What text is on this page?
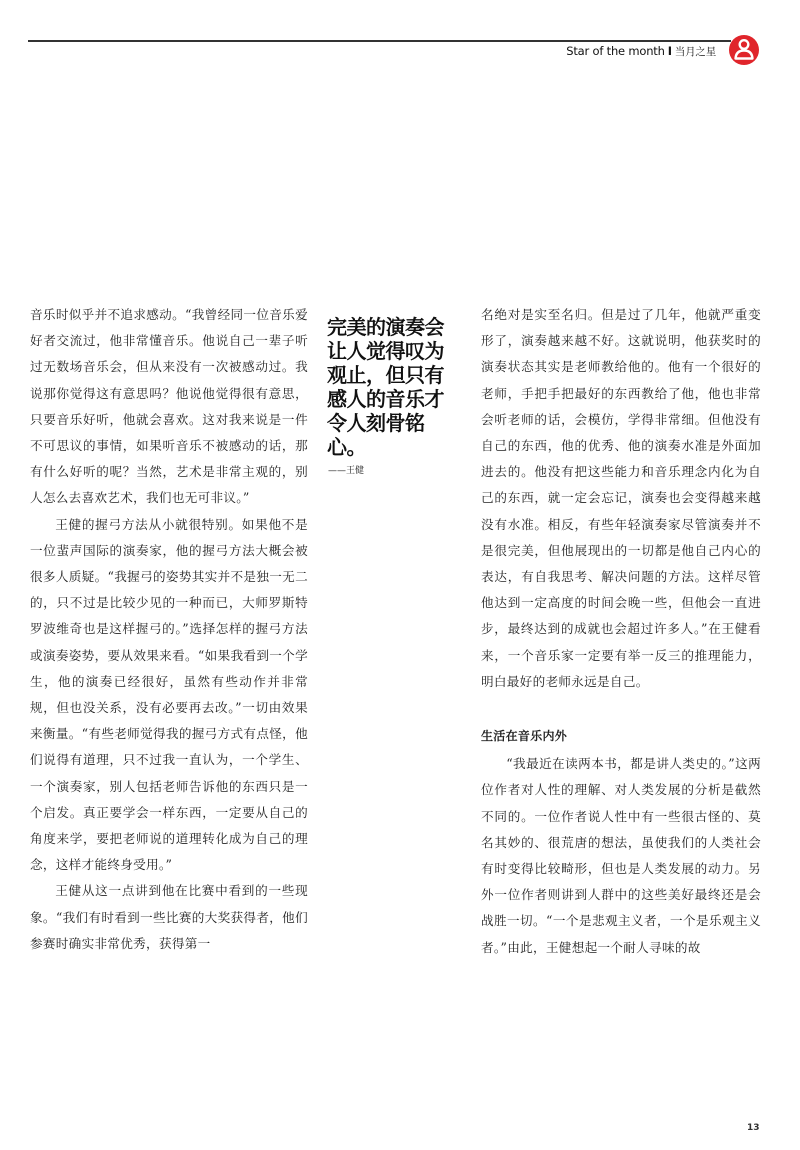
Star of the month I 当月之星

音乐时似乎并不追求感动。“我曾经同一位音乐爱好者交流过，他非常懂音乐。他说自己一辈子听过无数场音乐会，但从来没有一次被感动过。我说那你觉得这有意思吗？他说他觉得很有意思，只要音乐好听，他就会喜欢。这对我来说是一件不可思议的事情，如果听音乐不被感动的话，那有什么好听的呢？当然，艺术是非常主观的，别人怎么去喜欢艺术，我们也无可非议。”

王健的握弓方法从小就很特别。如果他不是一位蜚声国际的演奏家，他的握弓方法大概会被很多人质疑。“我握弓的姿势其实并不是独一无二的，只不过是比较少见的一种而已，大师罗斯特罗波维奇也是这样握弓的。”选择怎样的握弓方法或演奏姿势，要从效果来看。“如果我看到一个学生，他的演奏已经很好，虽然有些动作并非常规，但也没关系，没有必要再去改。”一切由效果来衡量。“有些老师觉得我的握弓方式有点怪，他们说得有道理，只不过我一直认为，一个学生、一个演奏家，别人包括老师告诉他的东西只是一个启发。真正要学会一样东西，一定要从自己的角度来学，要把老师说的道理转化成为自己的理念，这样才能终身受用。”

王健从这一点讲到他在比赛中看到的一些现象。“我们有时看到一些比赛的大奖获得者，他们参赛时确实非常优秀，获得第一

完美的演奏会让人觉得叹为观止，但只有感人的音乐才令人刻骨铭心。
——王健

名绝对是实至名归。但是过了几年，他就严重变形了，演奏越来越不好。这就说明，他获奖时的演奏状态其实是老师教给他的。他有一个很好的老师，手把手把最好的东西教给了他，他也非常会听老师的话，会模仿，学得非常细。但他没有自己的东西，他的优秀、他的演奏水准是外面加进去的。他没有把这些能力和音乐理念内化为自己的东西，就一定会忘记，演奏也会变得越来越没有水准。相反，有些年轻演奏家尽管演奏并不是很完美，但他展现出的一切都是他自己内心的表达，有自我思考、解决问题的方法。这样尽管他达到一定高度的时间会晚一些，但他会一直进步，最终达到的成就也会超过许多人。”在王健看来，一个音乐家一定要有举一反三的推理能力，明白最好的老师永远是自己。

生活在音乐内外

“我最近在读两本书，都是讲人类史的。”这两位作者对人性的理解、对人类发展的分析是截然不同的。一位作者说人性中有一些很古怪的、莫名其妙的、很荒唐的想法，虽使我们的人类社会有时变得比较畸形，但也是人类发展的动力。另外一位作者则讲到人群中的这些美好最终还是会战胜一切。“一个是悲观主义者，一个是乐观主义者。”由此，王健想起一个耐人寻味的故

13
